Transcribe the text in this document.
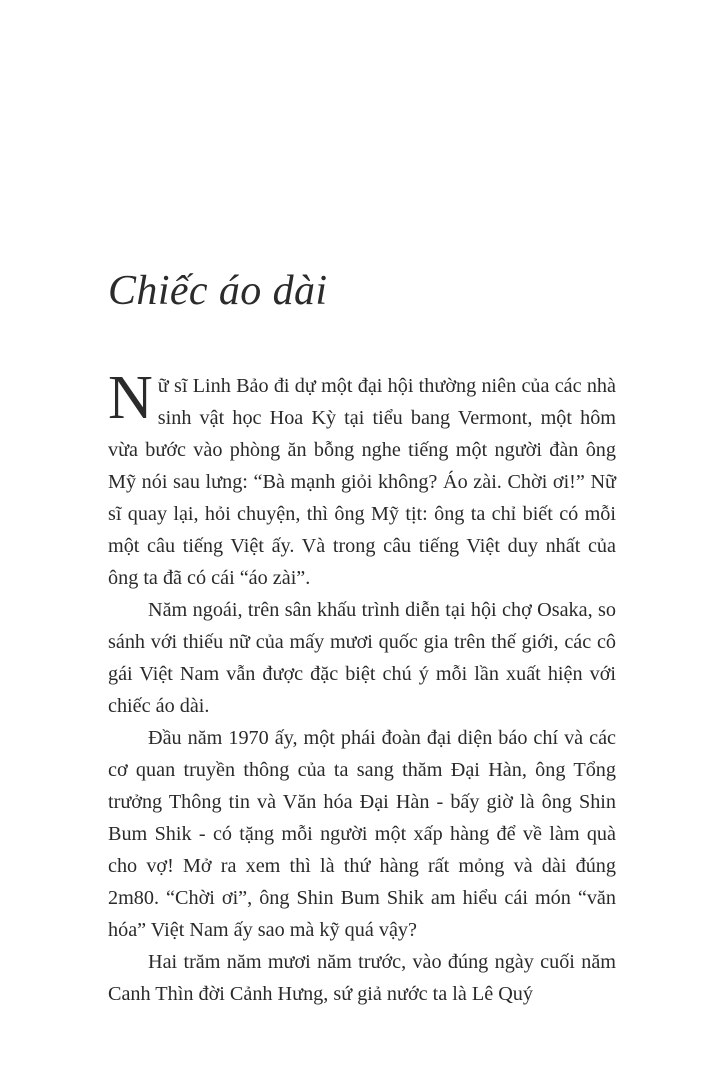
Chiếc áo dài

Nữ sĩ Linh Bảo đi dự một đại hội thường niên của các nhà sinh vật học Hoa Kỳ tại tiểu bang Vermont, một hôm vừa bước vào phòng ăn bỗng nghe tiếng một người đàn ông Mỹ nói sau lưng: “Bà mạnh giỏi không? Áo zài. Chời ơi!” Nữ sĩ quay lại, hỏi chuyện, thì ông Mỹ tịt: ông ta chỉ biết có mỗi một câu tiếng Việt ấy. Và trong câu tiếng Việt duy nhất của ông ta đã có cái “áo zài”.

Năm ngoái, trên sân khấu trình diễn tại hội chợ Osaka, so sánh với thiếu nữ của mấy mươi quốc gia trên thế giới, các cô gái Việt Nam vẫn được đặc biệt chú ý mỗi lần xuất hiện với chiếc áo dài.

Đầu năm 1970 ấy, một phái đoàn đại diện báo chí và các cơ quan truyền thông của ta sang thăm Đại Hàn, ông Tổng trưởng Thông tin và Văn hóa Đại Hàn - bấy giờ là ông Shin Bum Shik - có tặng mỗi người một xấp hàng để về làm quà cho vợ! Mở ra xem thì là thứ hàng rất mỏng và dài đúng 2m80. “Chời ơi”, ông Shin Bum Shik am hiểu cái món “văn hóa” Việt Nam ấy sao mà kỹ quá vậy?

Hai trăm năm mươi năm trước, vào đúng ngày cuối năm Canh Thìn đời Cảnh Hưng, sứ giả nước ta là Lê Quý
